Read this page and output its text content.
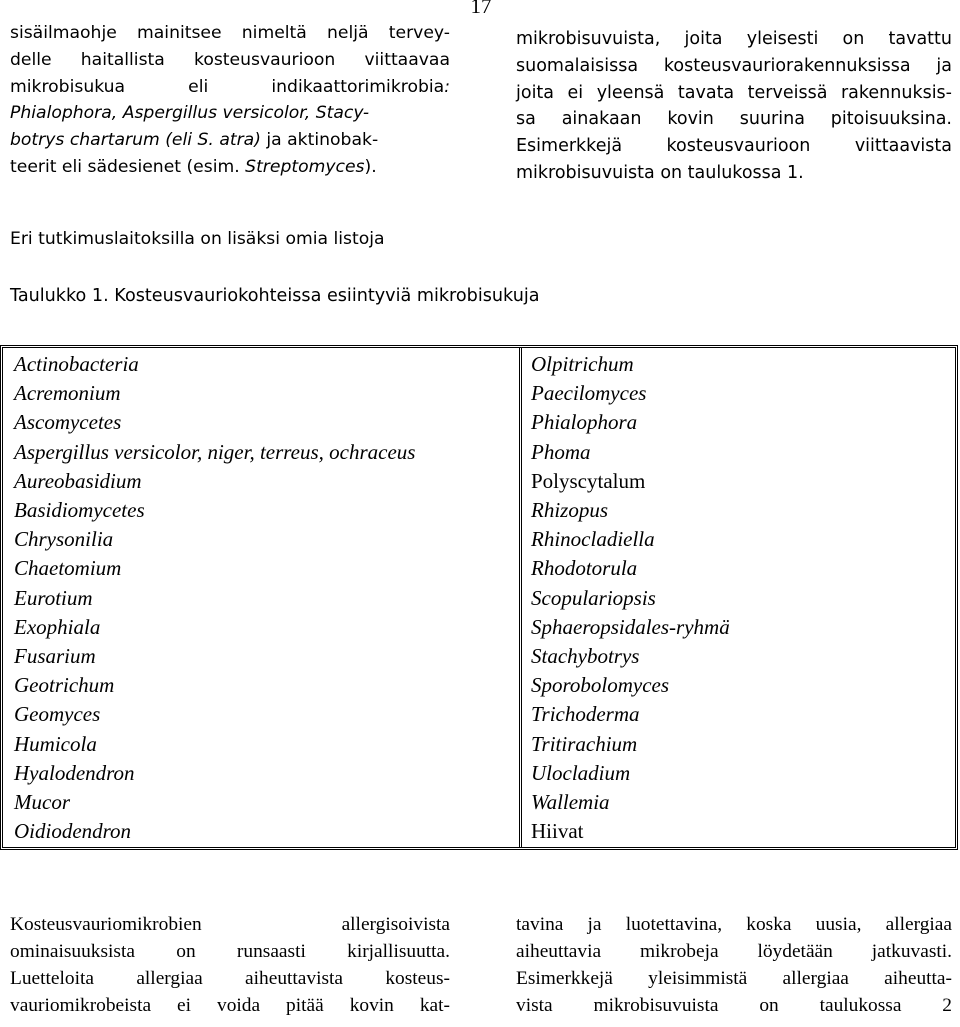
17
sisäilmaohje mainitsee nimeltä neljä tervey-
delle haitallista kosteusvaurioon viittaavaa
mikrobisukua eli indikaattorimikrobia:
Phialophora, Aspergillus versicolor, Stacy-
botrys chartarum (eli S. atra) ja aktinobak-
teerit eli sädesienet (esim. Streptomyces).
mikrobisuvuista, joita yleisesti on tavattu
suomalaisissa kosteusvauriorakennuksissa ja
joita ei yleensä tavata terveissä rakennuksis-
sa ainakaan kovin suurina pitoisuuksina.
Esimerkkejä kosteusvaurioon viittaavista
mikrobisuvuista on taulukossa 1.
Eri tutkimuslaitoksilla on lisäksi omia listoja
Taulukko 1. Kosteusvauriokohteissa esiintyviä mikrobisukuja
Actinobacteria
Acremonium
Ascomycetes
Aspergillus versicolor, niger, terreus, ochraceus
Aureobasidium
Basidiomycetes
Chrysonilia
Chaetomium
Eurotium
Exophiala
Fusarium
Geotrichum
Geomyces
Humicola
Hyalodendron
Mucor
Oidiodendron
Olpitrichum
Paecilomyces
Phialophora
Phoma
Polyscytalum
Rhizopus
Rhinocladiella
Rhodotorula
Scopulariopsis
Sphaeropsidales-ryhmä
Stachybotrys
Sporobolomyces
Trichoderma
Tritirachium
Ulocladium
Wallemia
Hiivat
Kosteusvauriomikrobien allergisoivista
ominaisuuksista on runsaasti kirjallisuutta.
Luetteloita allergiaa aiheuttavista kosteus-
vauriomikrobeista ei voida pitää kovin kat-
tavina ja luotettavina, koska uusia, allergiaa
aiheuttavia mikrobeja löydetään jatkuvasti.
Esimerkkejä yleisimmistä allergiaa aiheutta-
vista mikrobisuvuista on taulukossa 2
